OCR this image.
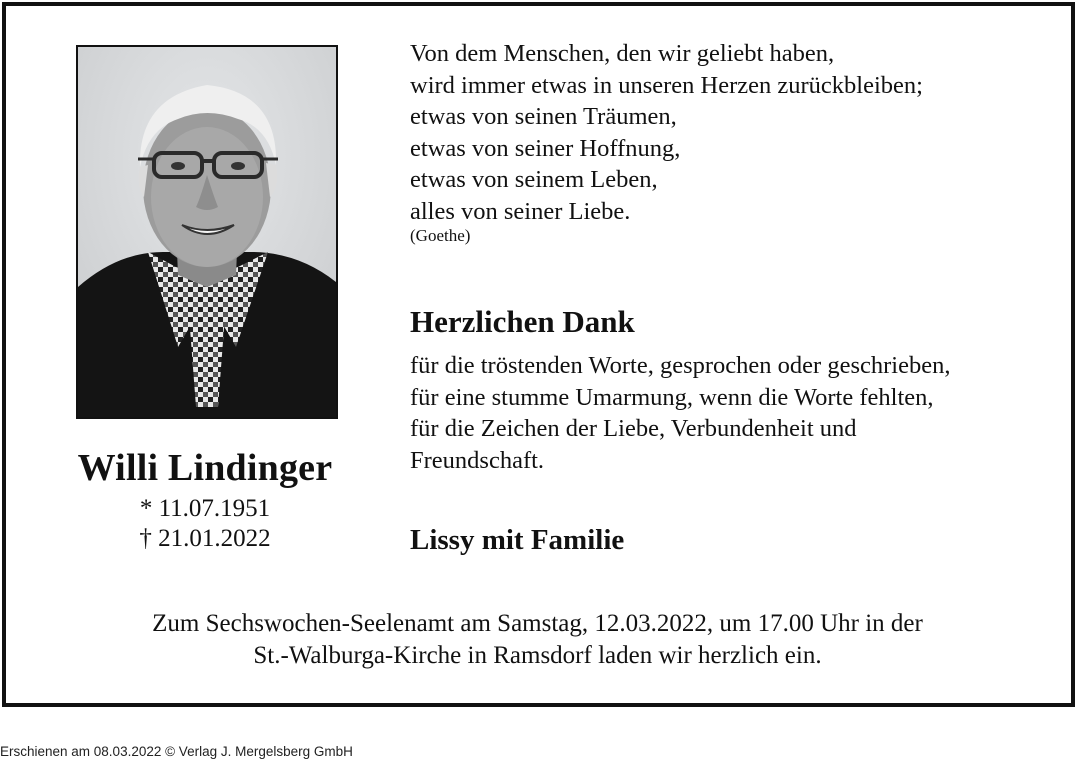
Willi Lindinger
* 11.07.1951
† 21.01.2022
Von dem Menschen, den wir geliebt haben,
wird immer etwas in unseren Herzen zurückbleiben;
etwas von seinen Träumen,
etwas von seiner Hoffnung,
etwas von seinem Leben,
alles von seiner Liebe.
(Goethe)
Herzlichen Dank
für die tröstenden Worte, gesprochen oder geschrieben,
für eine stumme Umarmung, wenn die Worte fehlten,
für die Zeichen der Liebe, Verbundenheit und
Freundschaft.
Lissy mit Familie
Zum Sechswochen-Seelenamt am Samstag, 12.03.2022, um 17.00 Uhr in der
St.-Walburga-Kirche in Ramsdorf laden wir herzlich ein.
Erschienen am 08.03.2022 © Verlag J. Mergelsberg GmbH
